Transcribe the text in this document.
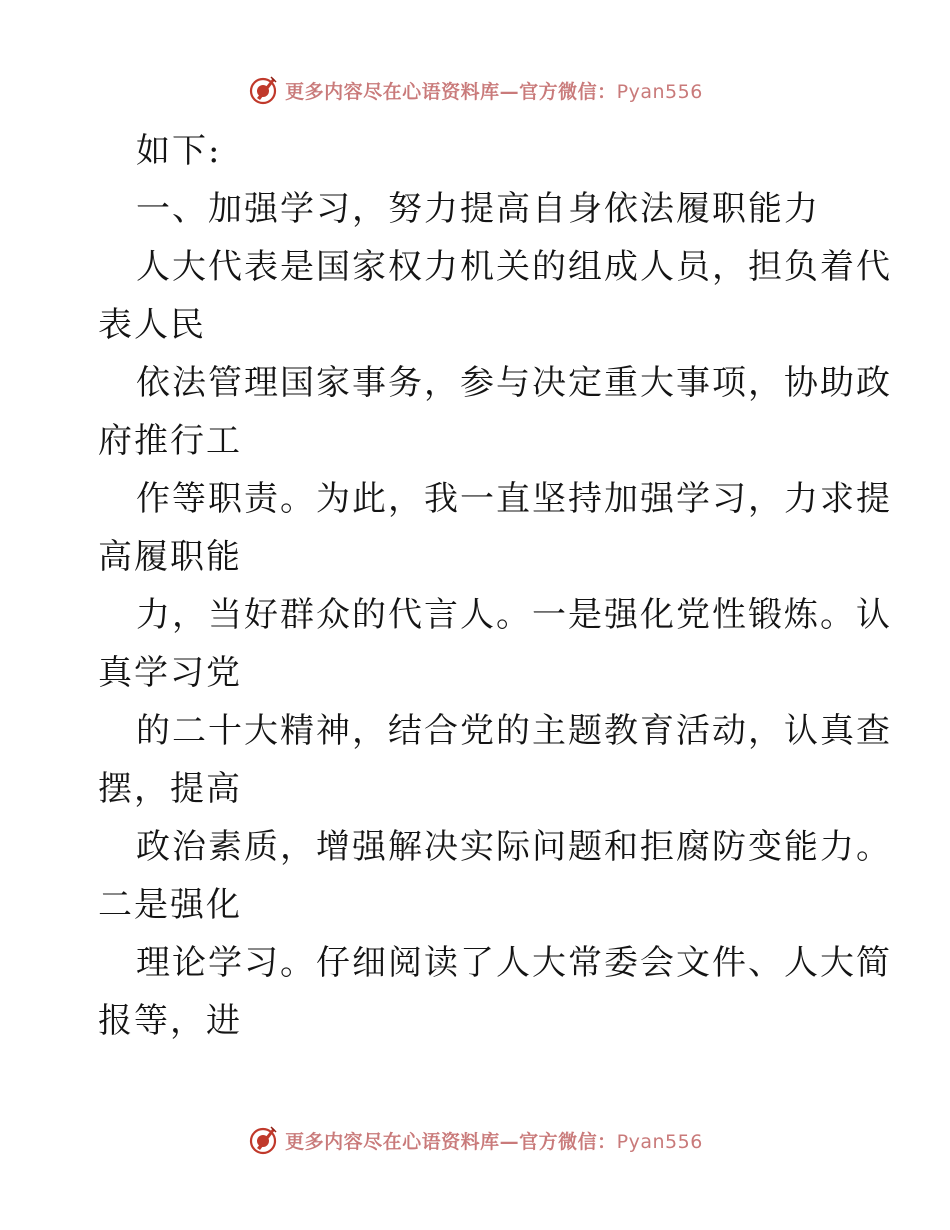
更多内容尽在心语资料库—官方微信：Pyan556
如下:
一、加强学习，努力提高自身依法履职能力
人大代表是国家权力机关的组成人员，担负着代
表人民
依法管理国家事务，参与决定重大事项，协助政
府推行工
作等职责。为此，我一直坚持加强学习，力求提
高履职能
力，当好群众的代言人。一是强化党性锻炼。认
真学习党
的二十大精神，结合党的主题教育活动，认真查
摆，提高
政治素质，增强解决实际问题和拒腐防变能力。
二是强化
理论学习。仔细阅读了人大常委会文件、人大简
报等，进
更多内容尽在心语资料库—官方微信：Pyan556
